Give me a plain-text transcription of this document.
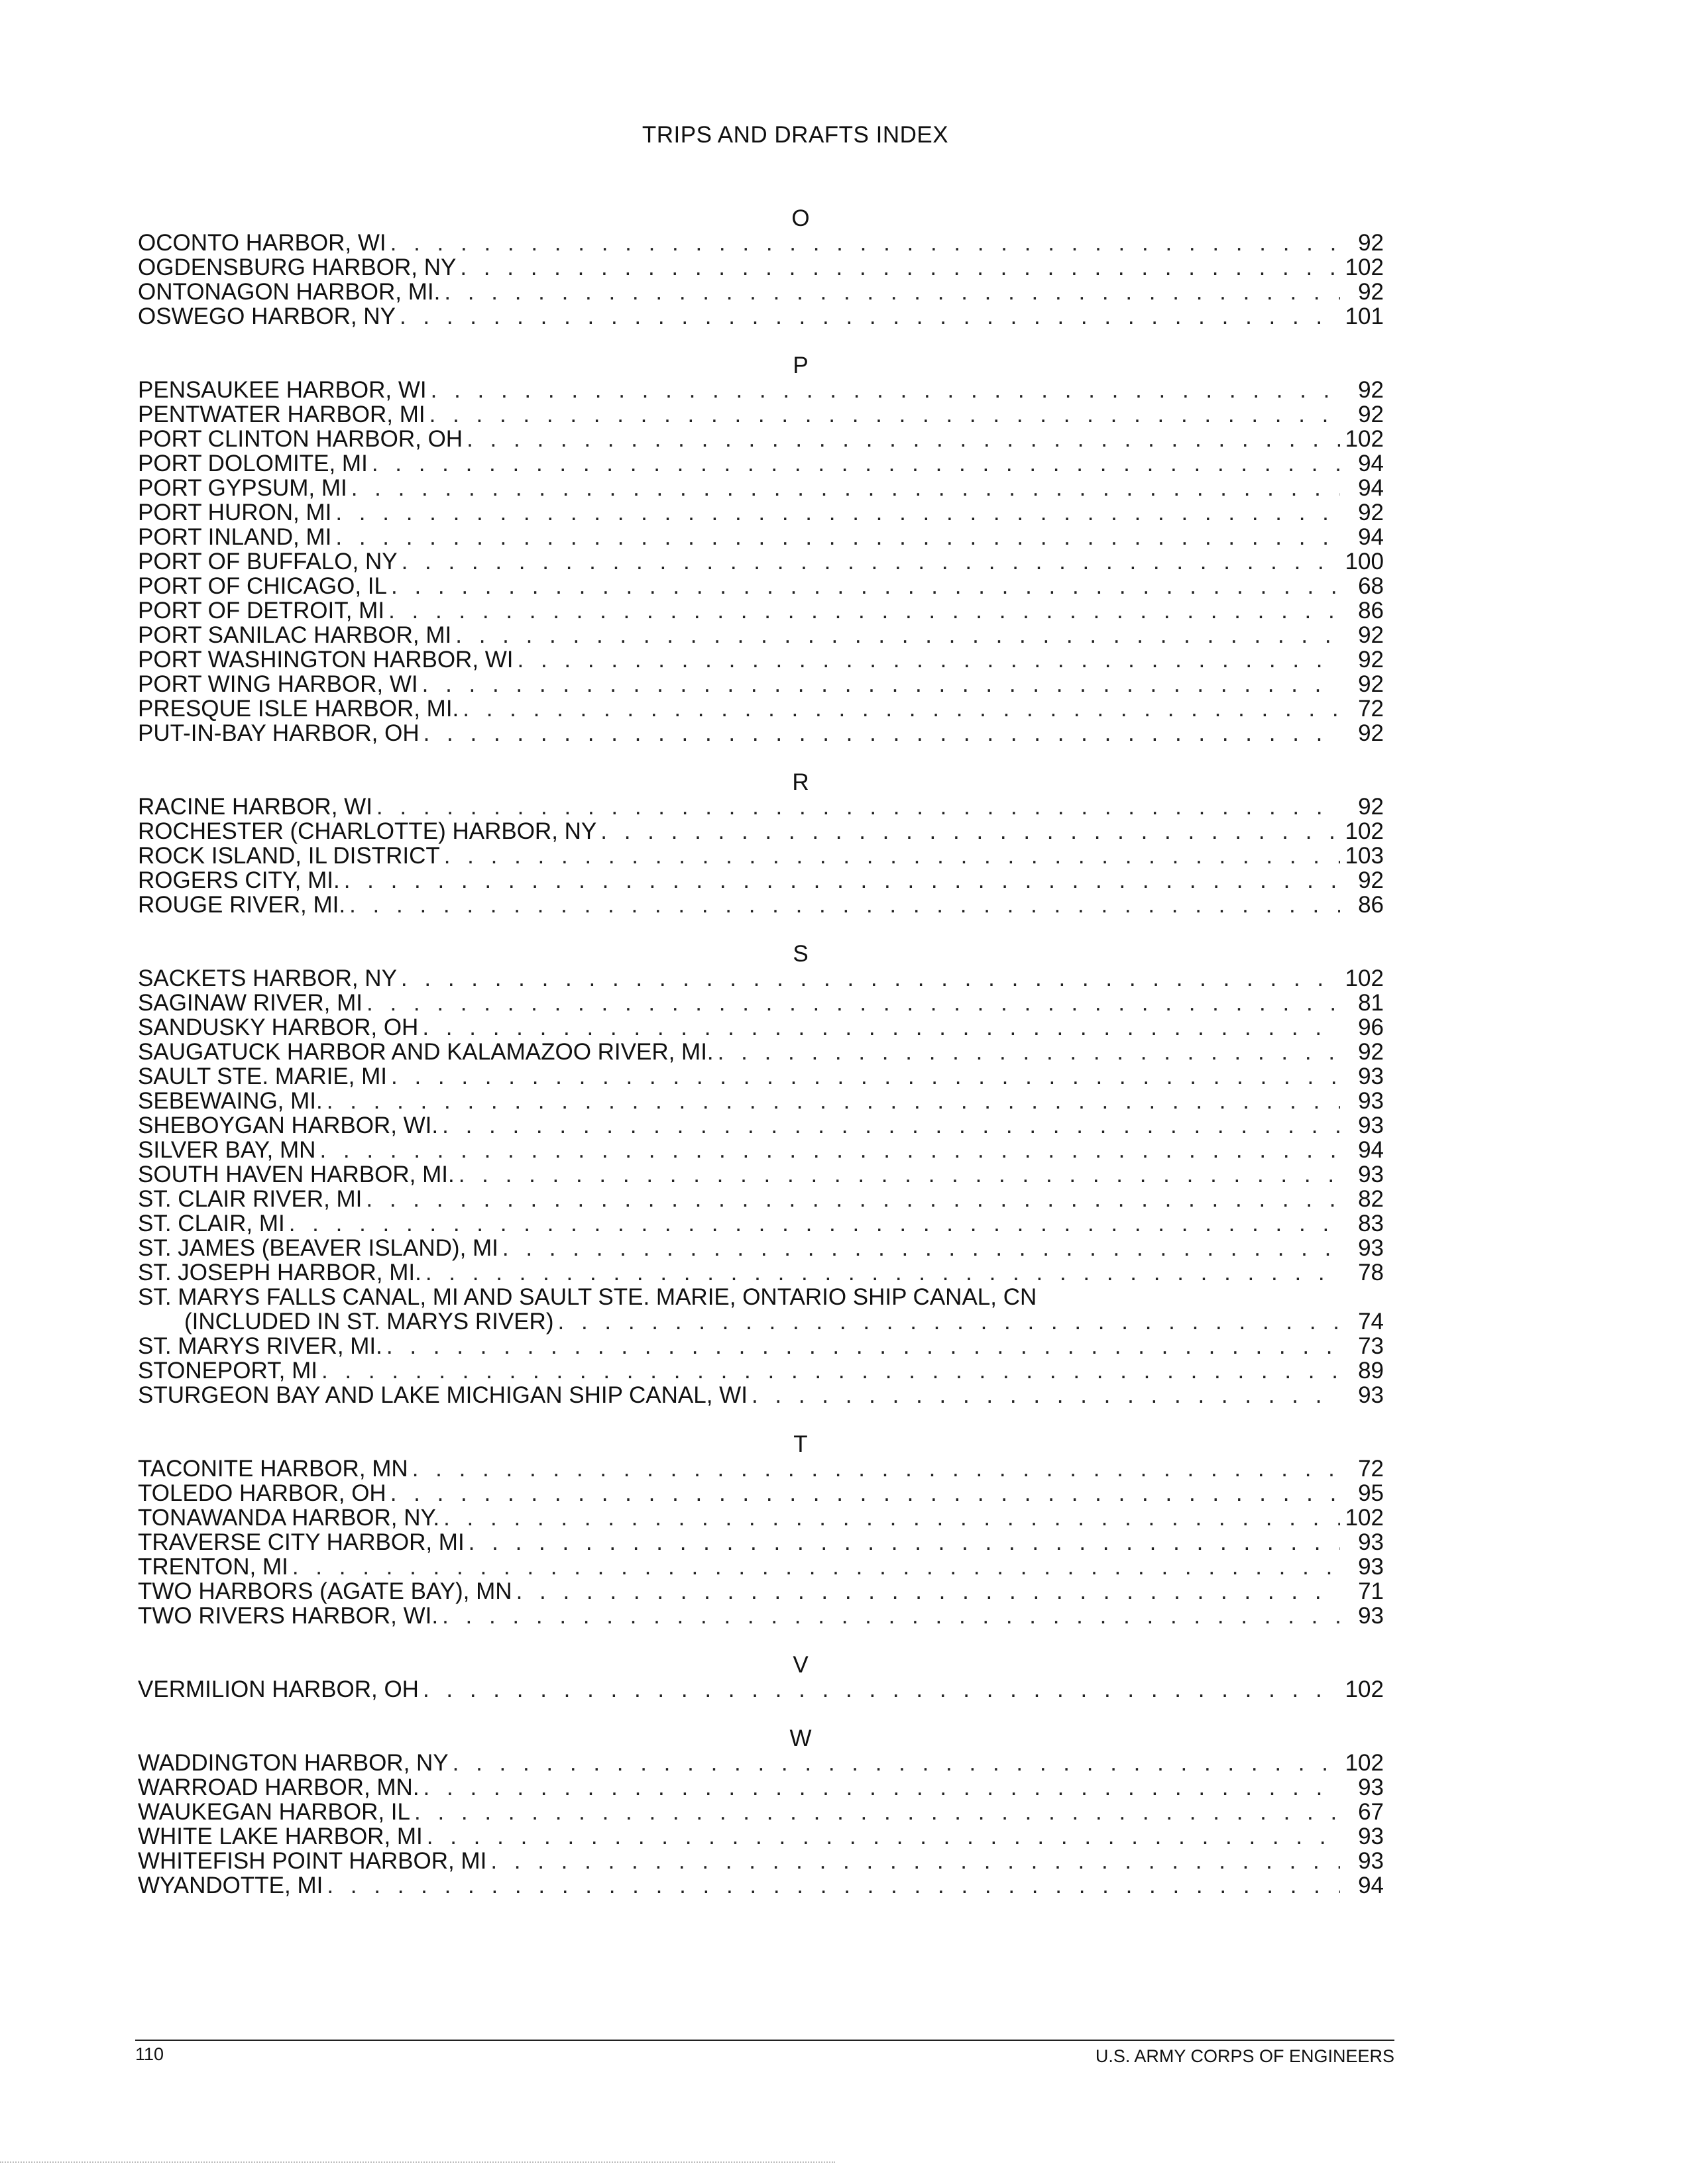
TRIPS AND DRAFTS INDEX
O
OCONTO HARBOR, WI . . .	92
OGDENSBURG HARBOR, NY . . .	102
ONTONAGON HARBOR, MI. . . .	92
OSWEGO HARBOR, NY . . .	101
P
PENSAUKEE HARBOR, WI . . .	92
PENTWATER HARBOR, MI . . .	92
PORT CLINTON HARBOR, OH . . .	102
PORT DOLOMITE, MI . . .	94
PORT GYPSUM, MI . . .	94
PORT HURON, MI . . .	92
PORT INLAND, MI . . .	94
PORT OF BUFFALO, NY . . .	100
PORT OF CHICAGO, IL . . .	68
PORT OF DETROIT, MI . . .	86
PORT SANILAC HARBOR, MI . . .	92
PORT WASHINGTON HARBOR, WI . . .	92
PORT WING HARBOR, WI . . .	92
PRESQUE ISLE HARBOR, MI. . . .	72
PUT-IN-BAY HARBOR, OH . . .	92
R
RACINE HARBOR, WI . . .	92
ROCHESTER (CHARLOTTE) HARBOR, NY . . .	102
ROCK ISLAND, IL DISTRICT . . .	103
ROGERS CITY, MI. . . .	92
ROUGE RIVER, MI. . . .	86
S
SACKETS HARBOR, NY . . .	102
SAGINAW RIVER, MI . . .	81
SANDUSKY HARBOR, OH . . .	96
SAUGATUCK HARBOR AND KALAMAZOO RIVER, MI. . . .	92
SAULT STE. MARIE, MI . . .	93
SEBEWAING, MI. . . .	93
SHEBOYGAN HARBOR, WI. . . .	93
SILVER BAY, MN . . .	94
SOUTH HAVEN HARBOR, MI. . . .	93
ST. CLAIR RIVER, MI . . .	82
ST. CLAIR, MI . . .	83
ST. JAMES (BEAVER ISLAND), MI . . .	93
ST. JOSEPH HARBOR, MI. . . .	78
ST. MARYS FALLS CANAL, MI AND SAULT STE. MARIE, ONTARIO SHIP CANAL, CN
(INCLUDED IN ST. MARYS RIVER) . . .	74
ST. MARYS RIVER, MI. . . .	73
STONEPORT, MI . . .	89
STURGEON BAY AND LAKE MICHIGAN SHIP CANAL, WI . . .	93
T
TACONITE HARBOR, MN . . .	72
TOLEDO HARBOR, OH . . .	95
TONAWANDA HARBOR, NY. . . .	102
TRAVERSE CITY HARBOR, MI . . .	93
TRENTON, MI . . .	93
TWO HARBORS (AGATE BAY), MN . . .	71
TWO RIVERS HARBOR, WI. . . .	93
V
VERMILION HARBOR, OH . . .	102
W
WADDINGTON HARBOR, NY . . .	102
WARROAD HARBOR, MN. . . .	93
WAUKEGAN HARBOR, IL . . .	67
WHITE LAKE HARBOR, MI . . .	93
WHITEFISH POINT HARBOR, MI . . .	93
WYANDOTTE, MI . . .	94
110	U.S. ARMY CORPS OF ENGINEERS
